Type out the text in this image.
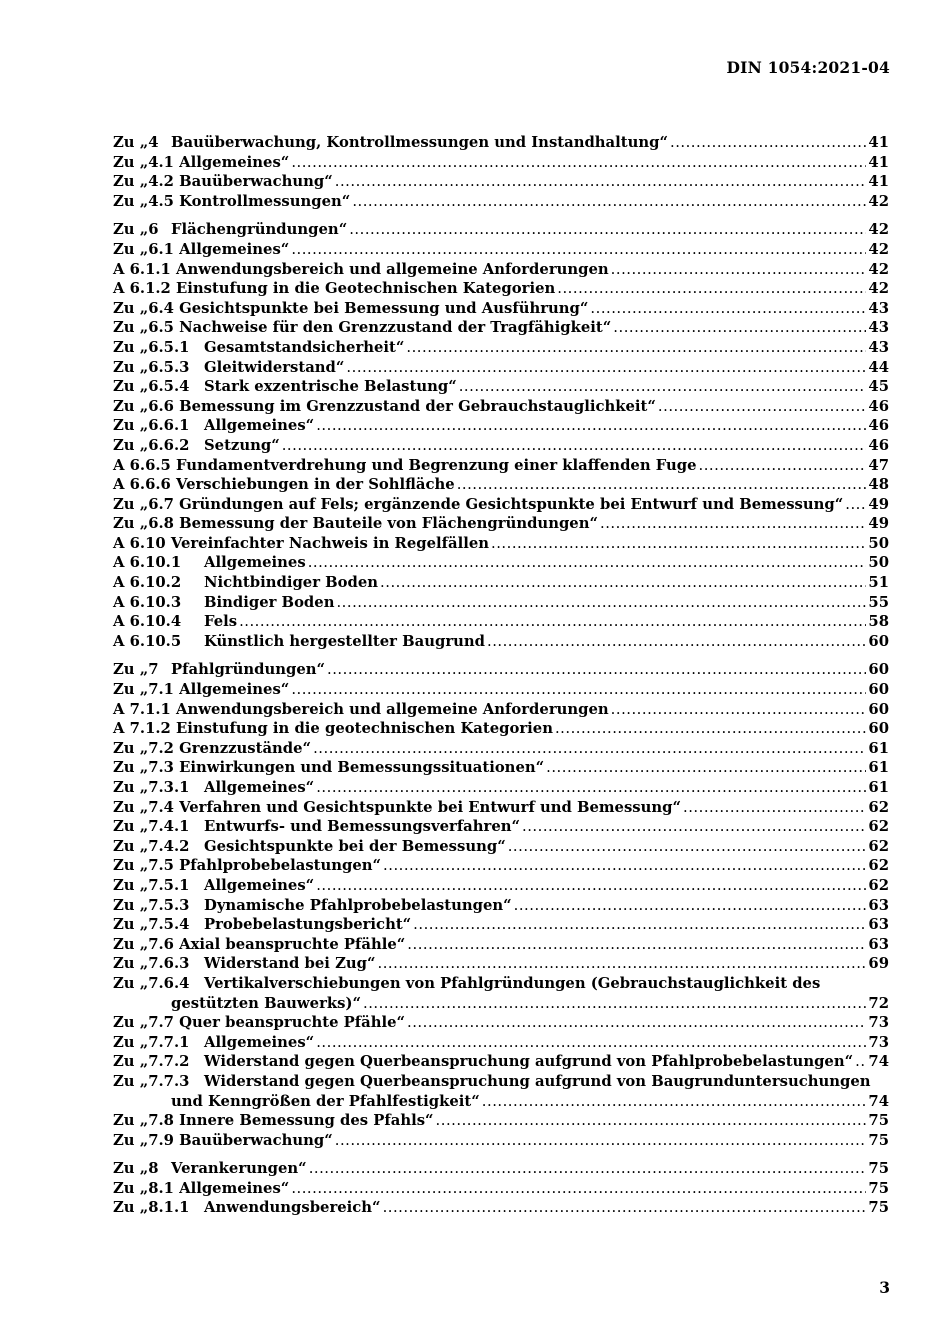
DIN 1054:2021-04
Zu „4 Bauüberwachung, Kontrollmessungen und Instandhaltung“ .....	41
Zu „4.1 Allgemeines“ .....	41
Zu „4.2 Bauüberwachung“ .....	41
Zu „4.5 Kontrollmessungen“ .....	42
Zu „6 Flächengründungen“ .....	42
Zu „6.1 Allgemeines“ .....	42
A 6.1.1 Anwendungsbereich und allgemeine Anforderungen .....	42
A 6.1.2 Einstufung in die Geotechnischen Kategorien .....	42
Zu „6.4 Gesichtspunkte bei Bemessung und Ausführung“ .....	43
Zu „6.5 Nachweise für den Grenzzustand der Tragfähigkeit“ .....	43
Zu „6.5.1 Gesamtstandsicherheit“ .....	43
Zu „6.5.3 Gleitwiderstand“ .....	44
Zu „6.5.4 Stark exzentrische Belastung“ .....	45
Zu „6.6 Bemessung im Grenzzustand der Gebrauchstauglichkeit“ .....	46
Zu „6.6.1 Allgemeines“ .....	46
Zu „6.6.2 Setzung“ .....	46
A 6.6.5 Fundamentverdrehung und Begrenzung einer klaffenden Fuge .....	47
A 6.6.6 Verschiebungen in der Sohlfläche .....	48
Zu „6.7 Gründungen auf Fels; ergänzende Gesichtspunkte bei Entwurf und Bemessung“ ..... 49
Zu „6.8 Bemessung der Bauteile von Flächengründungen“ .....	49
A 6.10 Vereinfachter Nachweis in Regelfällen .....	50
A 6.10.1	Allgemeines .....	50
A 6.10.2	Nichtbindiger Boden .....	51
A 6.10.3	Bindiger Boden .....	55
A 6.10.4	Fels .....	58
A 6.10.5	Künstlich hergestellter Baugrund .....	60
Zu „7 Pfahlgründungen“ .....	60
Zu „7.1 Allgemeines“ .....	60
A 7.1.1 Anwendungsbereich und allgemeine Anforderungen .....	60
A 7.1.2 Einstufung in die geotechnischen Kategorien .....	60
Zu „7.2 Grenzzustände“ .....	61
Zu „7.3 Einwirkungen und Bemessungssituationen“ .....	61
Zu „7.3.1 Allgemeines“ .....	61
Zu „7.4 Verfahren und Gesichtspunkte bei Entwurf und Bemessung“ .....	62
Zu „7.4.1 Entwurfs- und Bemessungsverfahren“ .....	62
Zu „7.4.2 Gesichtspunkte bei der Bemessung“ .....	62
Zu „7.5 Pfahlprobebelastungen“ .....	62
Zu „7.5.1 Allgemeines“ .....	62
Zu „7.5.3 Dynamische Pfahlprobebelastungen“ .....	63
Zu „7.5.4 Probebelastungsbericht“ .....	63
Zu „7.6 Axial beanspruchte Pfähle“ .....	63
Zu „7.6.3 Widerstand bei Zug“ .....	69
Zu „7.6.4 Vertikalverschiebungen von Pfahlgründungen (Gebrauchstauglichkeit des
gestützten Bauwerks)“ .....	72
Zu „7.7 Quer beanspruchte Pfähle“ .....	73
Zu „7.7.1 Allgemeines“ .....	73
Zu „7.7.2 Widerstand gegen Querbeanspruchung aufgrund von Pfahlprobebelastungen“ ..... 74
Zu „7.7.3 Widerstand gegen Querbeanspruchung aufgrund von Baugrunduntersuchungen
und Kenngrößen der Pfahlfestigkeit“ .....	74
Zu „7.8 Innere Bemessung des Pfahls“ .....	75
Zu „7.9 Bauüberwachung“ .....	75
Zu „8 Verankerungen“ .....	75
Zu „8.1 Allgemeines“ .....	75
Zu „8.1.1 Anwendungsbereich“ .....	75
3
